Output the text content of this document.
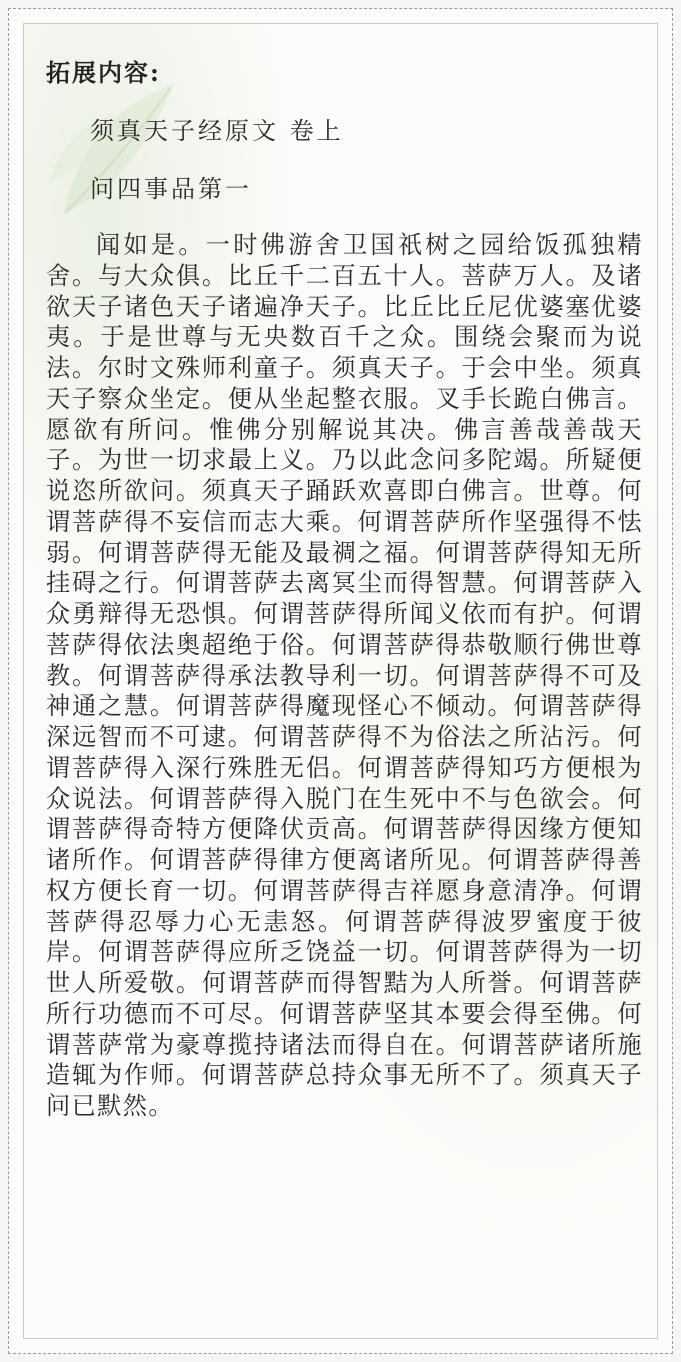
拓展内容:

须真天子经原文 卷上

问四事品第一

闻如是。一时佛游舍卫国祇树之园给饭孤独精舍。与大众俱。比丘千二百五十人。菩萨万人。及诸欲天子诸色天子诸遍净天子。比丘比丘尼优婆塞优婆夷。于是世尊与无央数百千之众。围绕会聚而为说法。尔时文殊师利童子。须真天子。于会中坐。须真天子察众坐定。便从坐起整衣服。叉手长跪白佛言。愿欲有所问。惟佛分别解说其决。佛言善哉善哉天子。为世一切求最上义。乃以此念问多陀竭。所疑便说恣所欲问。须真天子踊跃欢喜即白佛言。世尊。何谓菩萨得不妄信而志大乘。何谓菩萨所作坚强得不怯弱。何谓菩萨得无能及最禂之福。何谓菩萨得知无所挂碍之行。何谓菩萨去离冥尘而得智慧。何谓菩萨入众勇辩得无恐惧。何谓菩萨得所闻义依而有护。何谓菩萨得依法奥超绝于俗。何谓菩萨得恭敬顺行佛世尊教。何谓菩萨得承法教导利一切。何谓菩萨得不可及神通之慧。何谓菩萨得魔现怪心不倾动。何谓菩萨得深远智而不可逮。何谓菩萨得不为俗法之所沾污。何谓菩萨得入深行殊胜无侣。何谓菩萨得知巧方便根为众说法。何谓菩萨得入脱门在生死中不与色欲会。何谓菩萨得奇特方便降伏贡高。何谓菩萨得因缘方便知诸所作。何谓菩萨得律方便离诸所见。何谓菩萨得善权方便长育一切。何谓菩萨得吉祥愿身意清净。何谓菩萨得忍辱力心无恚怒。何谓菩萨得波罗蜜度于彼岸。何谓菩萨得应所乏饶益一切。何谓菩萨得为一切世人所爱敬。何谓菩萨而得智黠为人所誉。何谓菩萨所行功德而不可尽。何谓菩萨坚其本要会得至佛。何谓菩萨常为豪尊揽持诸法而得自在。何谓菩萨诸所施造辄为作师。何谓菩萨总持众事无所不了。须真天子问已默然。
